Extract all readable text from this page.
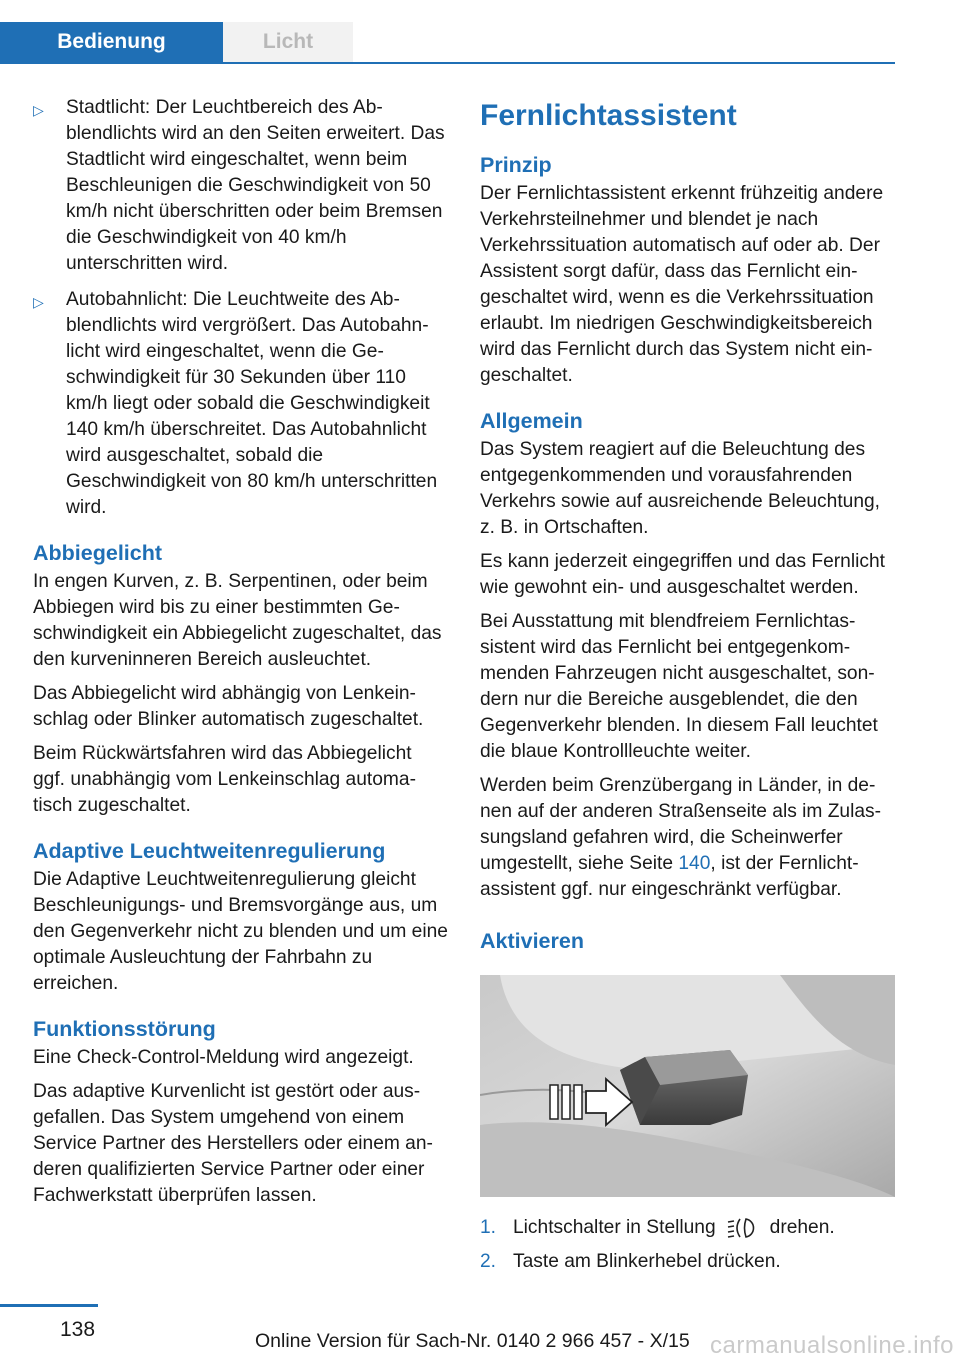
Bedienung	Licht
▷	Stadtlicht: Der Leuchtbereich des Abblendlichts wird an den Seiten erweitert. Das Stadtlicht wird eingeschaltet, wenn beim Beschleunigen die Geschwindigkeit von 50 km/h nicht überschritten oder beim Bremsen die Geschwindigkeit von 40 km/h unterschritten wird.
▷	Autobahnlicht: Die Leuchtweite des Abblendlichts wird vergrößert. Das Autobahnlicht wird eingeschaltet, wenn die Geschwindigkeit für 30 Sekunden über 110 km/h liegt oder sobald die Geschwindigkeit 140 km/h überschreitet. Das Autobahnlicht wird ausgeschaltet, sobald die Geschwindigkeit von 80 km/h unterschritten wird.
Abbiegelicht

In engen Kurven, z. B. Serpentinen, oder beim Abbiegen wird bis zu einer bestimmten Geschwindigkeit ein Abbiegelicht zugeschaltet, das den kurveninneren Bereich ausleuchtet.

Das Abbiegelicht wird abhängig von Lenkeinschlag oder Blinker automatisch zugeschaltet.

Beim Rückwärtsfahren wird das Abbiegelicht ggf. unabhängig vom Lenkeinschlag automatisch zugeschaltet.

Adaptive Leuchtweitenregulierung

Die Adaptive Leuchtweitenregulierung gleicht Beschleunigungs- und Bremsvorgänge aus, um den Gegenverkehr nicht zu blenden und um eine optimale Ausleuchtung der Fahrbahn zu erreichen.

Funktionsstörung

Eine Check-Control-Meldung wird angezeigt.

Das adaptive Kurvenlicht ist gestört oder ausgefallen. Das System umgehend von einem Service Partner des Herstellers oder einem anderen qualifizierten Service Partner oder einer Fachwerkstatt überprüfen lassen.

Fernlichtassistent
Prinzip

Der Fernlichtassistent erkennt frühzeitig andere Verkehrsteilnehmer und blendet je nach Verkehrssituation automatisch auf oder ab. Der Assistent sorgt dafür, dass das Fernlicht eingeschaltet wird, wenn es die Verkehrssituation erlaubt. Im niedrigen Geschwindigkeitsbereich wird das Fernlicht durch das System nicht eingeschaltet.

Allgemein

Das System reagiert auf die Beleuchtung des entgegenkommenden und vorausfahrenden Verkehrs sowie auf ausreichende Beleuchtung, z. B. in Ortschaften.

Es kann jederzeit eingegriffen und das Fernlicht wie gewohnt ein- und ausgeschaltet werden.

Bei Ausstattung mit blendfreiem Fernlichtassistent wird das Fernlicht bei entgegenkommenden Fahrzeugen nicht ausgeschaltet, sondern nur die Bereiche ausgeblendet, die den Gegenverkehr blenden. In diesem Fall leuchtet die blaue Kontrollleuchte weiter.

Werden beim Grenzübergang in Länder, in denen auf der anderen Straßenseite als im Zulassungsland gefahren wird, die Scheinwerfer umgestellt, siehe Seite 140, ist der Fernlichtassistent ggf. nur eingeschränkt verfügbar.

Aktivieren
1. Lichtschalter in Stellung	drehen.
2. Taste am Blinkerhebel drücken.
138	Online Version für Sach-Nr. 0140 2 966 457 - X/15 carmanualsonline.info
